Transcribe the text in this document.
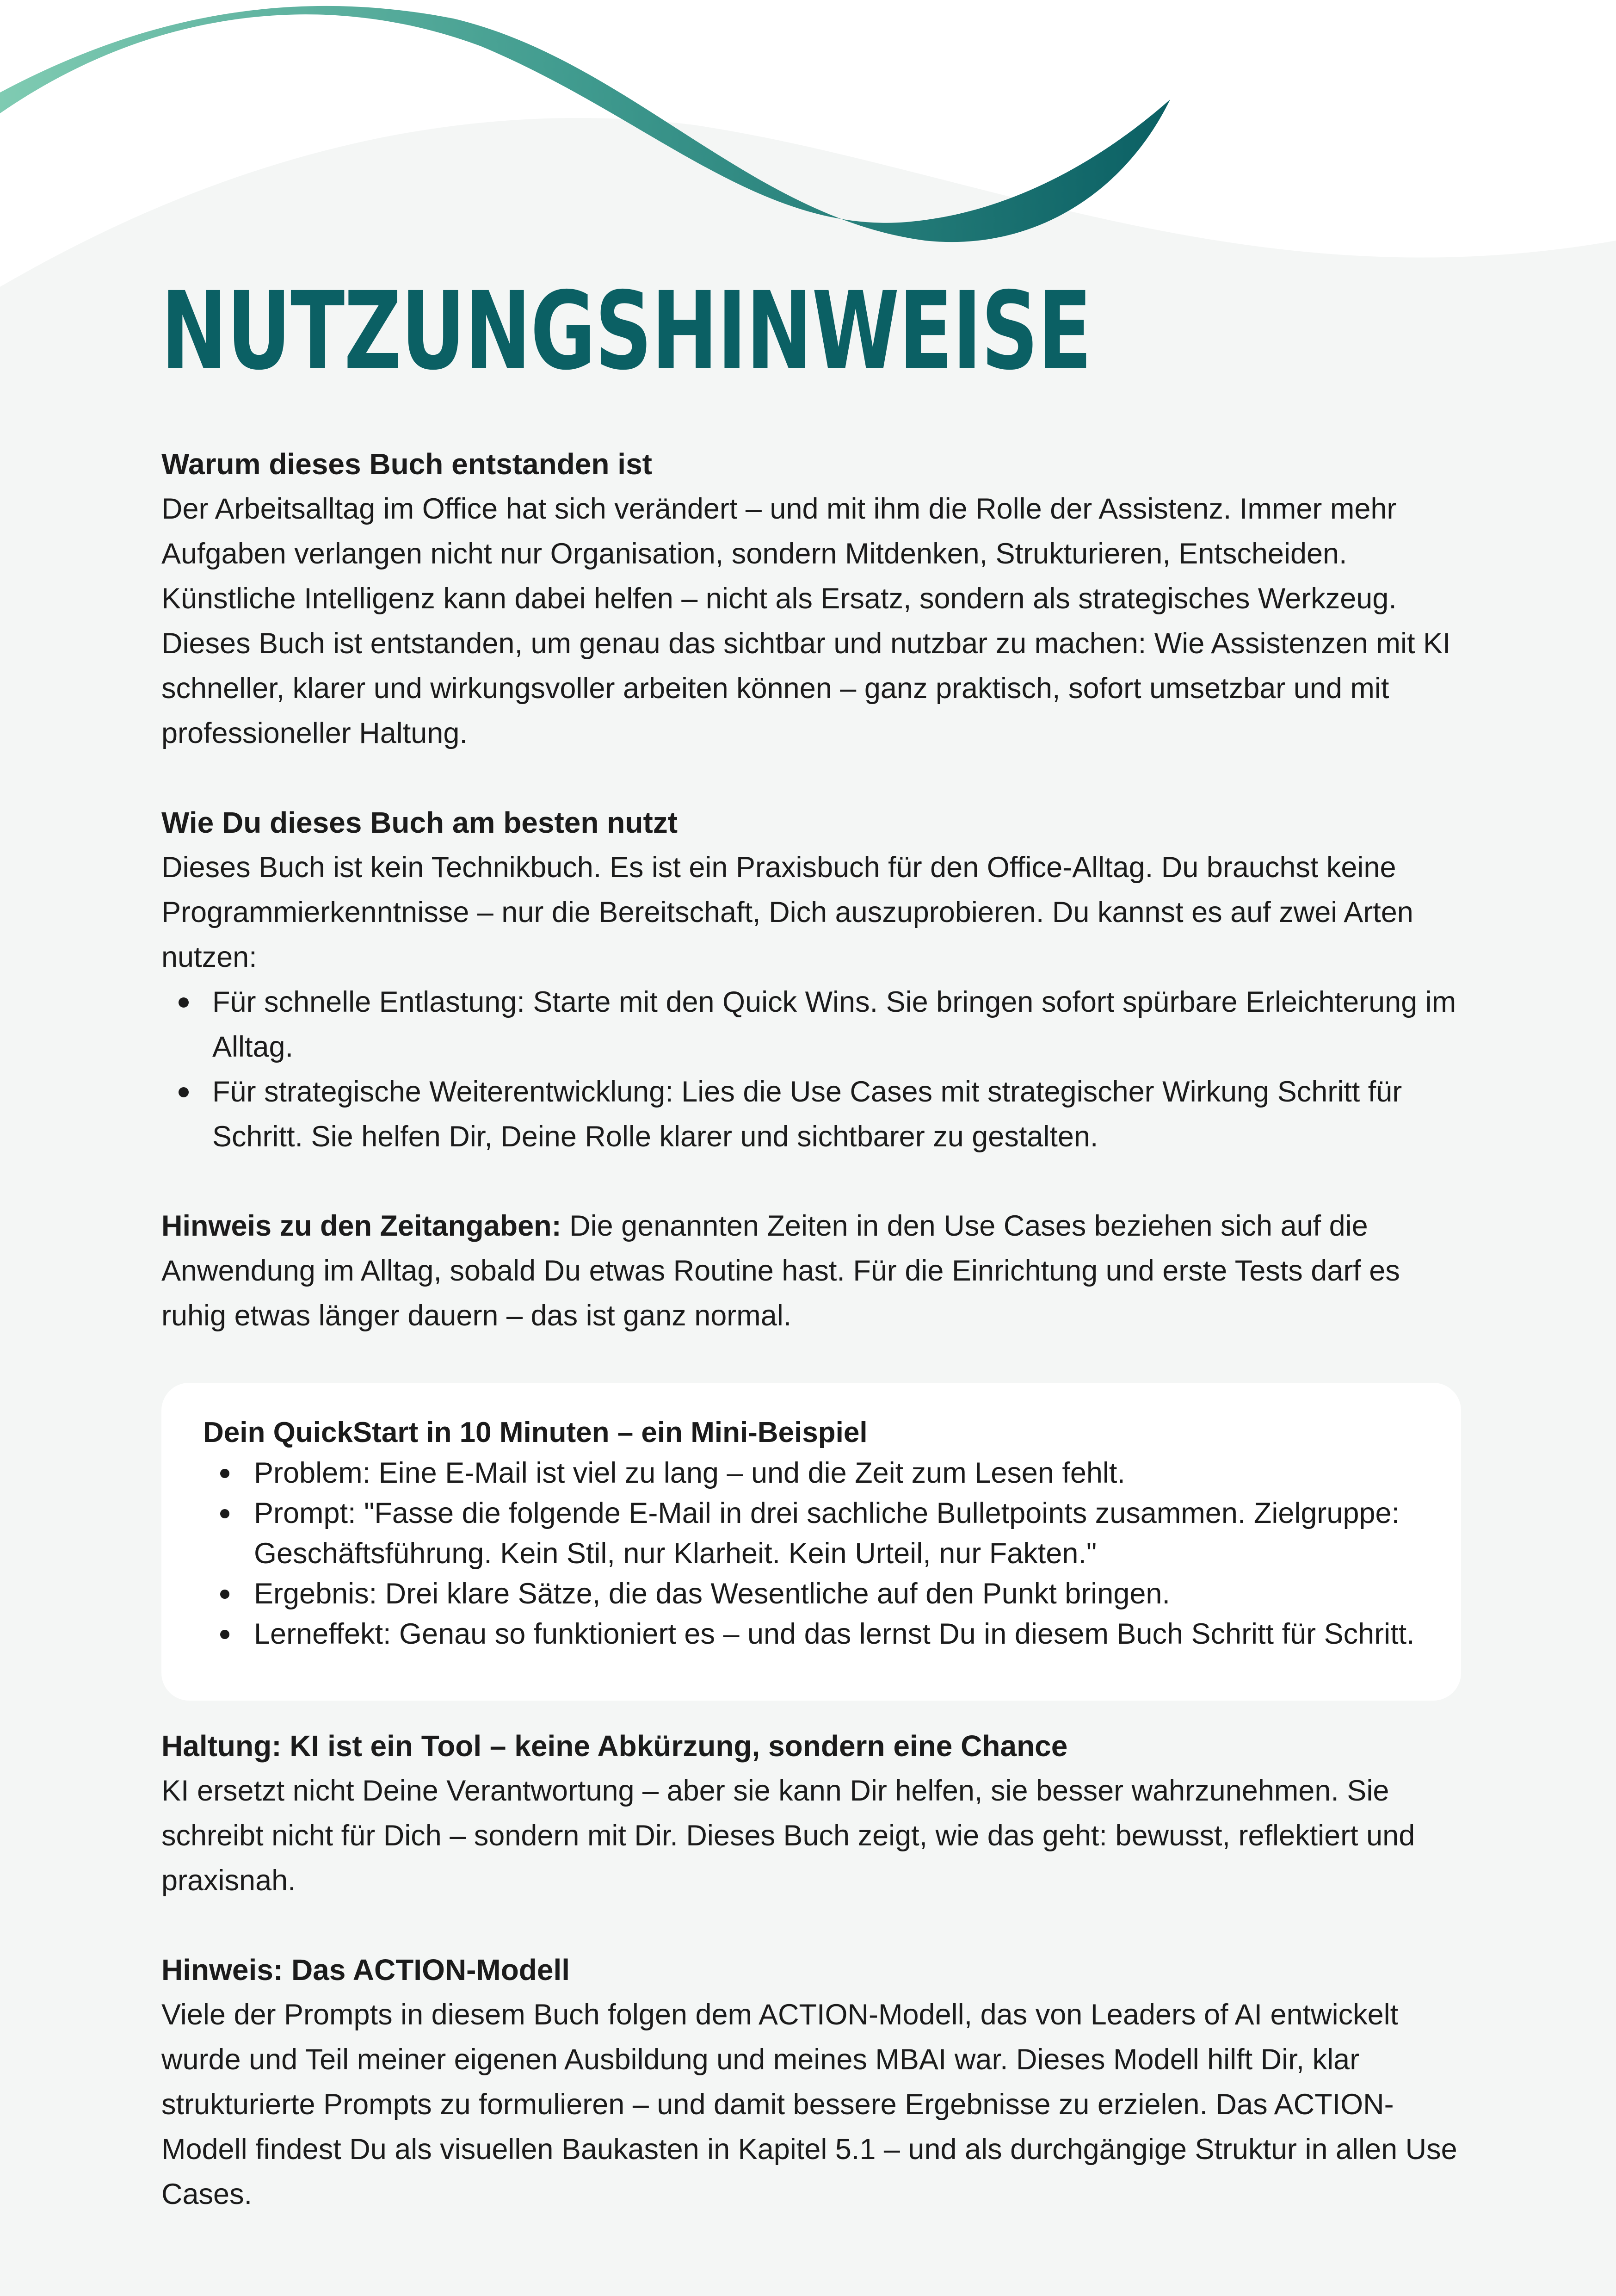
NUTZUNGSHINWEISE

Warum dieses Buch entstanden ist

Der Arbeitsalltag im Office hat sich verändert – und mit ihm die Rolle der Assistenz. Immer mehr Aufgaben verlangen nicht nur Organisation, sondern Mitdenken, Strukturieren, Entscheiden. Künstliche Intelligenz kann dabei helfen – nicht als Ersatz, sondern als strategisches Werkzeug. Dieses Buch ist entstanden, um genau das sichtbar und nutzbar zu machen: Wie Assistenzen mit KI schneller, klarer und wirkungsvoller arbeiten können – ganz praktisch, sofort umsetzbar und mit professioneller Haltung.

Wie Du dieses Buch am besten nutzt

Dieses Buch ist kein Technikbuch. Es ist ein Praxisbuch für den Office-Alltag. Du brauchst keine Programmierkenntnisse – nur die Bereitschaft, Dich auszuprobieren. Du kannst es auf zwei Arten nutzen:

Für schnelle Entlastung: Starte mit den Quick Wins. Sie bringen sofort spürbare Erleichterung im Alltag.
Für strategische Weiterentwicklung: Lies die Use Cases mit strategischer Wirkung Schritt für Schritt. Sie helfen Dir, Deine Rolle klarer und sichtbarer zu gestalten.

Hinweis zu den Zeitangaben: Die genannten Zeiten in den Use Cases beziehen sich auf die Anwendung im Alltag, sobald Du etwas Routine hast. Für die Einrichtung und erste Tests darf es ruhig etwas länger dauern – das ist ganz normal.

Dein QuickStart in 10 Minuten – ein Mini-Beispiel

Problem: Eine E-Mail ist viel zu lang – und die Zeit zum Lesen fehlt.
Prompt: "Fasse die folgende E-Mail in drei sachliche Bulletpoints zusammen. Zielgruppe: Geschäftsführung. Kein Stil, nur Klarheit. Kein Urteil, nur Fakten."
Ergebnis: Drei klare Sätze, die das Wesentliche auf den Punkt bringen.
Lerneffekt: Genau so funktioniert es – und das lernst Du in diesem Buch Schritt für Schritt.

Haltung: KI ist ein Tool – keine Abkürzung, sondern eine Chance

KI ersetzt nicht Deine Verantwortung – aber sie kann Dir helfen, sie besser wahrzunehmen. Sie schreibt nicht für Dich – sondern mit Dir. Dieses Buch zeigt, wie das geht: bewusst, reflektiert und praxisnah.

Hinweis: Das ACTION-Modell

Viele der Prompts in diesem Buch folgen dem ACTION-Modell, das von Leaders of AI entwickelt wurde und Teil meiner eigenen Ausbildung und meines MBAI war. Dieses Modell hilft Dir, klar strukturierte Prompts zu formulieren – und damit bessere Ergebnisse zu erzielen. Das ACTION-Modell findest Du als visuellen Baukasten in Kapitel 5.1 – und als durchgängige Struktur in allen Use Cases.
